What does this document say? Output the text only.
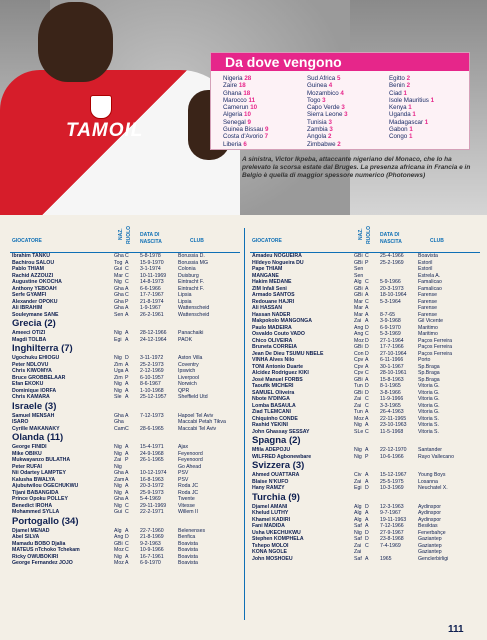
TAMOIL
Da dove vengono
Nigeria 28
Zaire 18
Ghana 18
Marocco 11
Camerun 10
Algeria 10
Senegal 9
Guinea Bissau 9
Costa d'Avorio 7
Liberia 6
Sud Africa 5
Guinea 4
Mozambico 4
Togo 3
Capo Verde 3
Sierra Leone 3
Tunisia 3
Zambia 3
Angola 2
Zimbabwe 2
Egitto 2
Benin 2
Ciad 1
Isole Mauritius 1
Kenya 1
Uganda 1
Madagascar 1
Gabon 1
Congo 1
A sinistra, Victor Ikpeba, attaccante nigeriano del Monaco, che lo ha prelevato la scorsa estate dal Bruges. La presenza africana in Francia e in Belgio è quella di maggior spessore numerico (Photonews)
GIOCATORE
NAZ. RUOLO DATA DI NASCITA	CLUB
Ibrahim TANKU	Gha C 5-8-1978	Borussia D.
Bachirou SALOU	Tog A 15-9-1970	Borussia MG
Pablo THIAM	Gui C 3-1-1974	Colonia
Rachid AZZOUZI	Mar C 10-11-1969 Duisburg
Augustine OKOCHA	Nig C 14-8-1973	Eintracht F.
Anthony YEBOAH	Gha A 6-6-1966	Eintracht F.
Serfe GYAMFI	Gha C 17-7-1967	Lipsia
Alexander OPOKU	Gha P 21-8-1974	Lipsia
Ali IBRAHIM	Gha A 1-9-1967	Wattenscheid
Souleymane SANE	Sen A 26-2-1961	Wattenscheid
Grecia (2)
Ameeci OTIZI	Nig A 28-12-1966 Panachaiki
Magdi TOLBA	Egi A 24-12-1964 PAOK
Inghilterra (7)
Ugochuku EHIOGU	Nig D 3-11-1972	Aston Villa
Peter NDLOVU	Zim A 25-2-1973	Coventry
Chris KIWOMYA	Uga A 2-12-1969	Ipswich
Bruce GROBBELAAR	Zim P 6-10-1957	Liverpool
Efan EKOKU	Nig A 8-6-1967	Norwich
Dominique IORFA	Nig A 1-10-1968	QPR
Chris KAMARA	Sle A 25-12-1957 Sheffield Utd
Israele (3)
Samuel MENSAH	Gha A 7-12-1973	Hapoel Tel Aviv
ISARO	Gha	Maccabi Petah Tikva
Cyrille MAKANAKY	Cam C 28-6-1965	Maccabi Tel Aviv
Olanda (11)
George FINIDI	Nig A 15-4-1971	Ajax
Mike OBIKU	Nig A 24-9-1968	Feyenoord
Mukwayanzo BULATHA	Zai P 26-1-1965	Feyenoord
Peter RUFAI	Nig	Go Ahead
Nii Odartey LAMPTEY	Gha A 10-12-1974 PSV
Kalusha BWALYA	Zam A 16-8-1963	PSV
Ajubutwilou OGECHUKWU	Nig A 20-3-1972	Roda JC
Tijani BABANGIDA	Nig A 25-9-1973	Roda JC
Prince Opoku POLLEY	Gha A 5-4-1969	Twente
Benedict IROHA	Nig C 29-11-1969 Vitesse
Mohammed SYLLA	Gui C 22-2-1971	Willem II
Portogallo (34)
Djamel MENAD	Alg A 22-7-1960	Belenenses
Abel SILVA	Ang D 21-8-1969	Benfica
Mamadu BOBO Djalia	GBi C 9-2-1963	Boavista
MATEUS nTchoko Tchekam	Moz C 10-9-1966	Boavista
Ricky OWUBOKIRI	Nig A 16-7-1961	Boavista
George Fernandez JOJO	Moz A 6-9-1970	Boavista
GIOCATORE
NAZ. RUOLO DATA DI NASCITA	CLUB
Amadeu NOGUEIRA	GBi C 25-4-1966	Boavista
Hildeyo Nogueira DU	GBi P 25-2-1969	Estoril
Pape THIAM	Sen	Estoril
MANGANE	Sen	Estrela A.
Hakim MEDANE	Alg C 5-9-1966	Famalicao
ZIM Infali Seni	GBi A 20-3-1973	Famalicao
Armado SANTOS	GBi A 18-10-1964 Farense
Redouane HAJRI	Mar C 5-3-1964	Farense
Ali HASSAN	Mar A	Farense
Hassan NADER	Mar A 8-7-65	Farense
Makpokolo MANGONGA	Zai A 3-9-1968	Gil Vicente
Paulo MADEIRA	Ang D 6-9-1970	Maritimo
Osvaldo Couto VADO	Ang C 5-3-1969	Maritimo
Chico OLIVEIRA	Moz D 27-1-1964	Paços Ferreira
Bruneta CORREIA	GBi D 17-7-1966	Paços Ferreira
Jean De Dieu TSUMU NBELE	Con D 27-10-1964 Paços Ferreira
VINHA Alves Nilo	Cpv A 6-11-1966	Porto
TONI Antonio Duarte	Cpv A 30-1-1967	Sp.Braga
Alcidez Rodriguez KIKI	Cpv C 28-10-1961 Sp.Braga
José Manuel FORBS	GBi A 15-8-1963	Sp.Braga
Taoufik MICHERI	Tun D 8-1-1965	Vitoria G.
SAMUEL Oliveira	GBi D 3-8-1966	Vitoria G.
Nbote N'DINGA	Zai C 11-9-1966	Vitoria G.
Lomba BASAULA	Zai C 3-3-1965	Vitoria G.
Ziad TLEMCANI	Tun A 26-4-1963	Vitoria G.
Chiquinho CONDE	Moz A 22-11-1965 Vitoria S.
Rashid YEKINI	Nig A 23-10-1963 Vitoria S.
John Ghassay SESSAY	SLe C 11-5-1968	Vitoria S.
Spagna (2)
Mfila ADEPOJU	Nig A 22-12-1970 Santander
WILFRED Agbonewbare	Nig P 10-6-1966	Rayo Vallecano
Svizzera (3)
Ahmed OUATTARA	Civ A 15-12-1967 Young Boys
Blaise N'KUFO	Zai A 25-5-1975	Losanna
Hany RAMZY	Egi D 10-3-1969	Neuchatel X.
Turchia (9)
Djamel AMANI	Alg D 12-3-1963	Aydinspor
Khelud LUTHY	Alg A 9-7-1967	Aydinspor
Khamel KADIRI	Alg A 19-11-1963 Aydinspor
Fani MADIDA	Saf A 7-12-1966	Besiktas
Usha UKECHUKWU	Nig D 27-9-1967	Fenerbahçe
Stephen KOMPHELA	Saf D 23-8-1968	Gaziantep
Tshepo MOLOI	Zai C 7-4-1969	Gaziantep
KONA NGOLE	Zai	Gaziantep
John MOSHOEU	Saf A 1965	Genclerbirligi
111
